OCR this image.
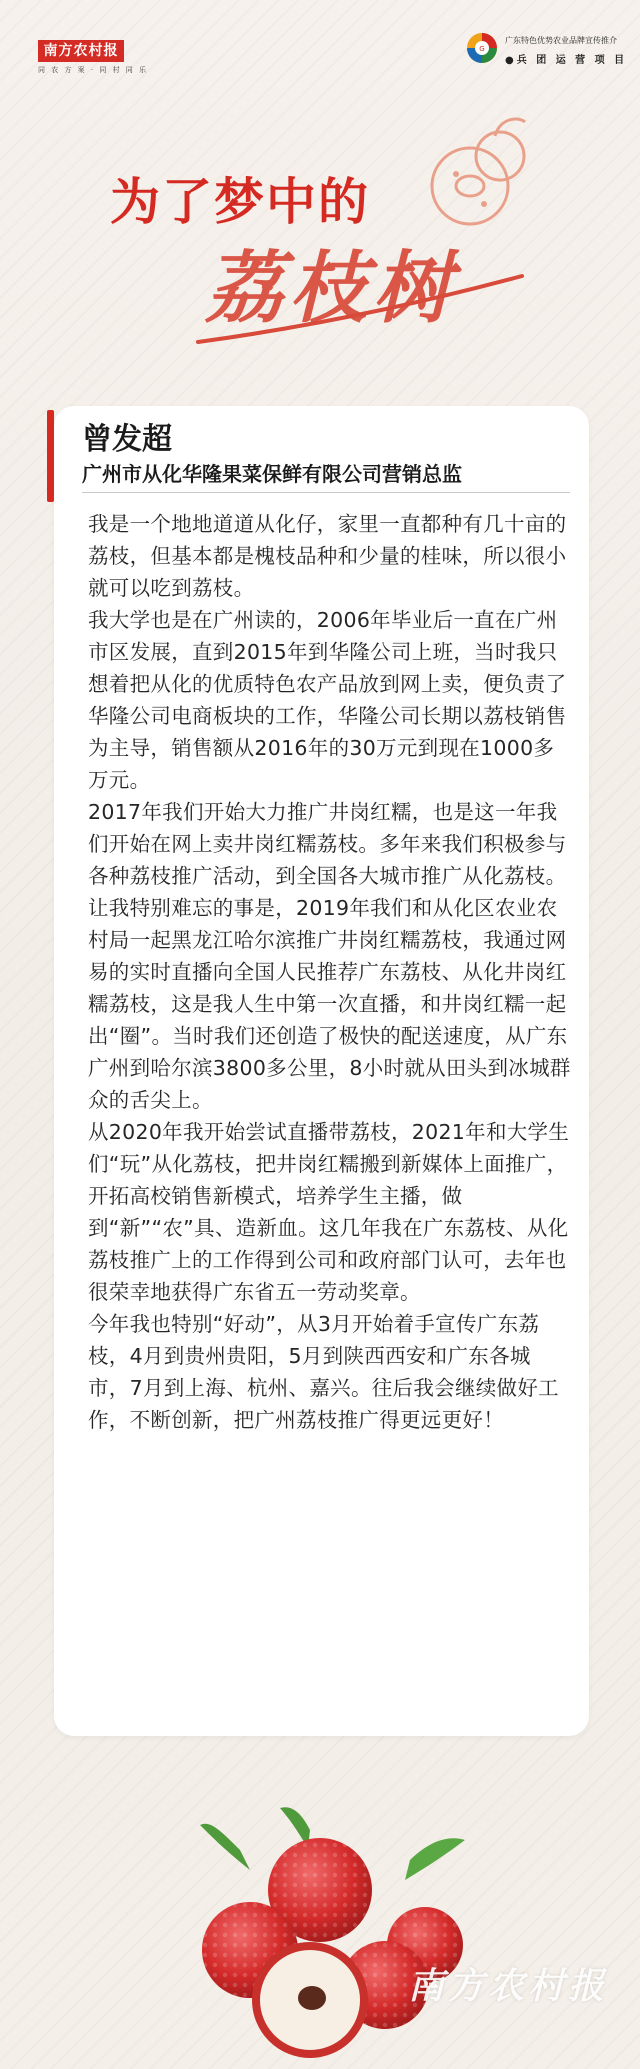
南方农村报
同 农 方 案 · 同 村 同 乐
G
广东特色优势农业品牌宣传推介
●兵 团 运 营 项 目
为了梦中的
荔枝树
曾发超
广州市从化华隆果菜保鲜有限公司营销总监

我是一个地地道道从化仔，家里一直都种有几十亩的荔枝，但基本都是槐枝品种和少量的桂味，所以很小就可以吃到荔枝。

我大学也是在广州读的，2006年毕业后一直在广州市区发展，直到2015年到华隆公司上班，当时我只想着把从化的优质特色农产品放到网上卖，便负责了华隆公司电商板块的工作，华隆公司长期以荔枝销售为主导，销售额从2016年的30万元到现在1000多万元。

2017年我们开始大力推广井岗红糯，也是这一年我们开始在网上卖井岗红糯荔枝。多年来我们积极参与各种荔枝推广活动，到全国各大城市推广从化荔枝。

让我特别难忘的事是，2019年我们和从化区农业农村局一起黑龙江哈尔滨推广井岗红糯荔枝，我通过网易的实时直播向全国人民推荐广东荔枝、从化井岗红糯荔枝，这是我人生中第一次直播，和井岗红糯一起出“圈”。当时我们还创造了极快的配送速度，从广东广州到哈尔滨3800多公里，8小时就从田头到冰城群众的舌尖上。

从2020年我开始尝试直播带荔枝，2021年和大学生们“玩”从化荔枝，把井岗红糯搬到新媒体上面推广，开拓高校销售新模式，培养学生主播，做到“新”“农”具、造新血。这几年我在广东荔枝、从化荔枝推广上的工作得到公司和政府部门认可，去年也很荣幸地获得广东省五一劳动奖章。

今年我也特别“好动”，从3月开始着手宣传广东荔枝，4月到贵州贵阳，5月到陕西西安和广东各城市，7月到上海、杭州、嘉兴。往后我会继续做好工作，不断创新，把广州荔枝推广得更远更好！

南方农村报
